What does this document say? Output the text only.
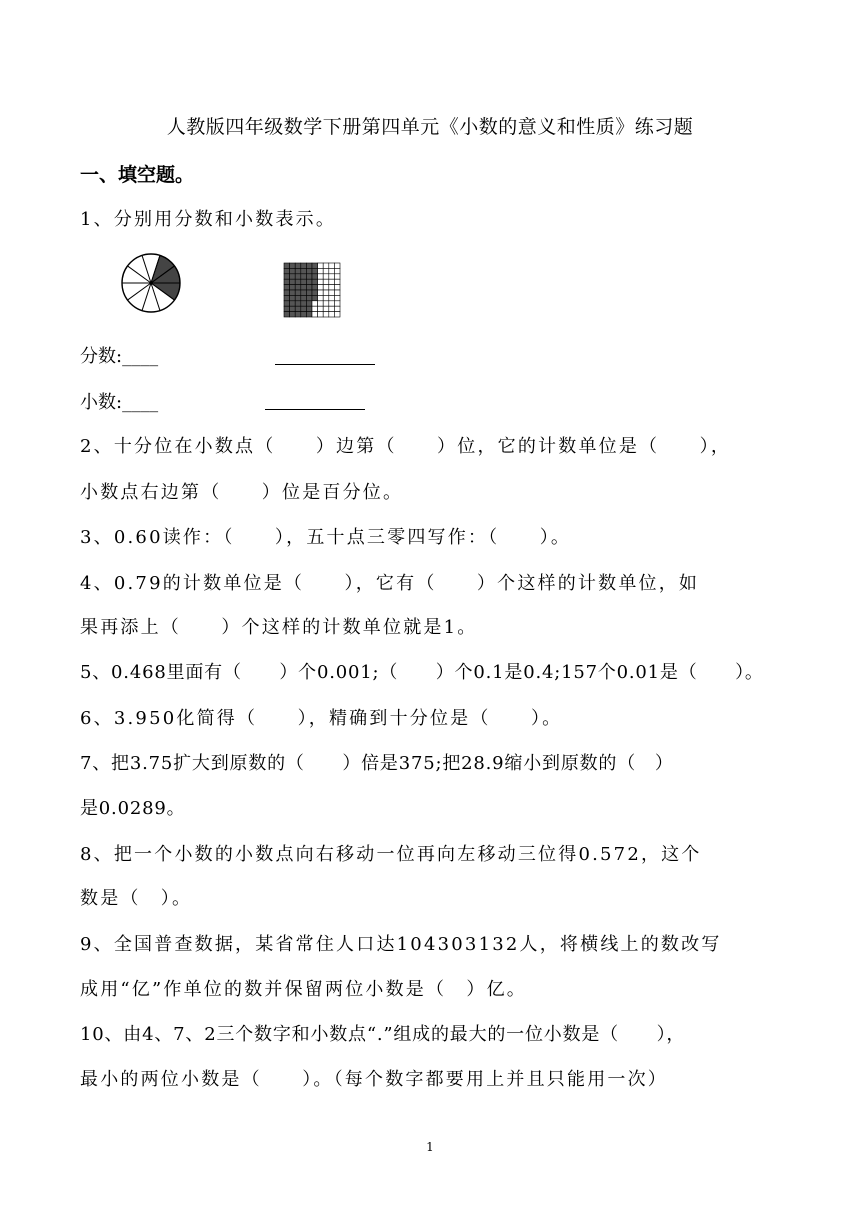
人教版四年级数学下册第四单元《小数的意义和性质》练习题
一、填空题。
1、分别用分数和小数表示。
分数:____
小数:____
2、十分位在小数点（　　）边第（　　）位，它的计数单位是（　　），
小数点右边第（　　）位是百分位。
3、0.60读作：（　　），五十点三零四写作：（　　）。
4、0.79的计数单位是（　　），它有（　　）个这样的计数单位，如
果再添上（　　）个这样的计数单位就是1。
5、0.468里面有（　　）个0.001;（　　）个0.1是0.4;157个0.01是（　　）。
6、3.950化简得（　　），精确到十分位是（　　）。
7、把3.75扩大到原数的（　　）倍是375;把28.9缩小到原数的（　）
是0.0289。
8、把一个小数的小数点向右移动一位再向左移动三位得0.572，这个
数是（　）。
9、全国普查数据，某省常住人口达104303132人，将横线上的数改写
成用“亿”作单位的数并保留两位小数是（　）亿。
10、由4、7、2三个数字和小数点“.”组成的最大的一位小数是（　　），
最小的两位小数是（　　）。（每个数字都要用上并且只能用一次）
1
